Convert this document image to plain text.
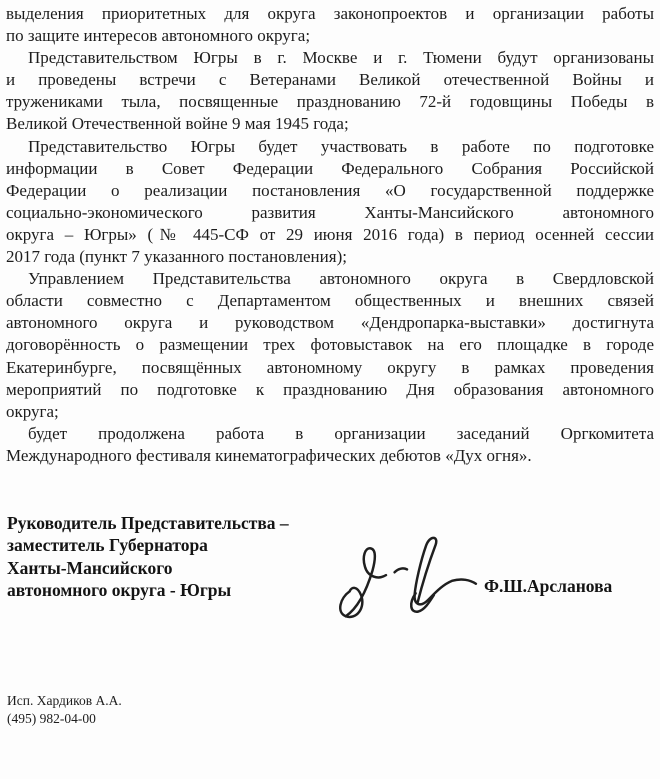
выделения приоритетных для округа законопроектов и организации работы
по защите интересов автономного округа;
Представительством Югры в г. Москве и г. Тюмени будут организованы
и проведены встречи с Ветеранами Великой отечественной Войны и
тружениками тыла, посвященные празднованию 72-й годовщины Победы в
Великой Отечественной войне 9 мая 1945 года;
Представительство Югры будет участвовать в работе по подготовке
информации в Совет Федерации Федерального Собрания Российской
Федерации о реализации постановления «О государственной поддержке
социально-экономического развития Ханты-Мансийского автономного
округа – Югры» (№ 445-СФ от 29 июня 2016 года) в период осенней сессии
2017 года (пункт 7 указанного постановления);
Управлением Представительства автономного округа в Свердловской
области совместно с Департаментом общественных и внешних связей
автономного округа и руководством «Дендропарка-выставки» достигнута
договорённость о размещении трех фотовыставок на его площадке в городе
Екатеринбурге, посвящённых автономному округу в рамках проведения
мероприятий по подготовке к празднованию Дня образования автономного
округа;
будет продолжена работа в организации заседаний Оргкомитета
Международного фестиваля кинематографических дебютов «Дух огня».
Руководитель Представительства –
заместитель Губернатора
Ханты-Мансийского
автономного округа - Югры	Ф.Ш.Арсланова
Исп. Хардиков А.А.
(495) 982-04-00
